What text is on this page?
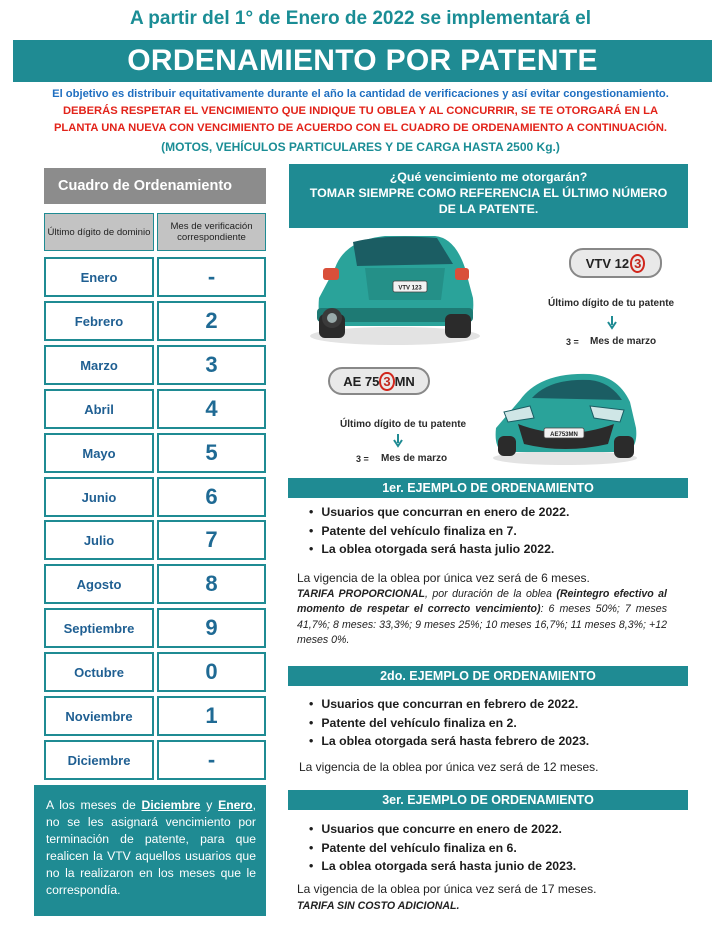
A partir del 1° de Enero de 2022 se implementará el
ORDENAMIENTO POR PATENTE
El objetivo es distribuir equitativamente durante el año la cantidad de verificaciones y así evitar congestionamiento.
DEBERÁS RESPETAR EL VENCIMIENTO QUE INDIQUE TU OBLEA Y AL CONCURRIR, SE TE OTORGARÁ EN LA
PLANTA UNA NUEVA CON VENCIMIENTO DE ACUERDO CON EL CUADRO DE ORDENAMIENTO A CONTINUACIÓN.
(MOTOS, VEHÍCULOS PARTICULARES Y DE CARGA HASTA 2500 Kg.)
Cuadro de Ordenamiento
Último dígito de dominio	Mes de verificación correspondiente
Enero	-
Febrero	2
Marzo	3
Abril	4
Mayo	5
Junio	6
Julio	7
Agosto	8
Septiembre	9
Octubre	0
Noviembre	1
Diciembre	-
A los meses de Diciembre y Enero, no se les asignará vencimiento por terminación de patente, para que realicen la VTV aquellos usuarios que no la realizaron en los meses que le correspondía.
¿Qué vencimiento me otorgarán?
TOMAR SIEMPRE COMO REFERENCIA EL ÚLTIMO NÚMERO
DE LA PATENTE.
VTV 123
VTV 12 3
Último dígito de tu patente
3 = Mes de marzo
AE 75 3 MN
Último dígito de tu patente
3 = Mes de marzo
AE753MN
1er. EJEMPLO DE ORDENAMIENTO
• Usuarios que concurran en enero de 2022.
• Patente del vehículo finaliza en 7.
• La oblea otorgada será hasta julio 2022.
La vigencia de la oblea por única vez será de 6 meses.
TARIFA PROPORCIONAL, por duración de la oblea (Reintegro efectivo al momento de respetar el correcto vencimiento): 6 meses 50%; 7 meses 41,7%; 8 meses: 33,3%; 9 meses 25%; 10 meses 16,7%; 11 meses 8,3%; +12 meses 0%.
2do. EJEMPLO DE ORDENAMIENTO
• Usuarios que concurran en febrero de 2022.
• Patente del vehículo finaliza en 2.
• La oblea otorgada será hasta febrero de 2023.
La vigencia de la oblea por única vez será de 12 meses.
3er. EJEMPLO DE ORDENAMIENTO
• Usuarios que concurre en enero de 2022.
• Patente del vehículo finaliza en 6.
• La oblea otorgada será hasta junio de 2023.
La vigencia de la oblea por única vez será de 17 meses.
TARIFA SIN COSTO ADICIONAL.
